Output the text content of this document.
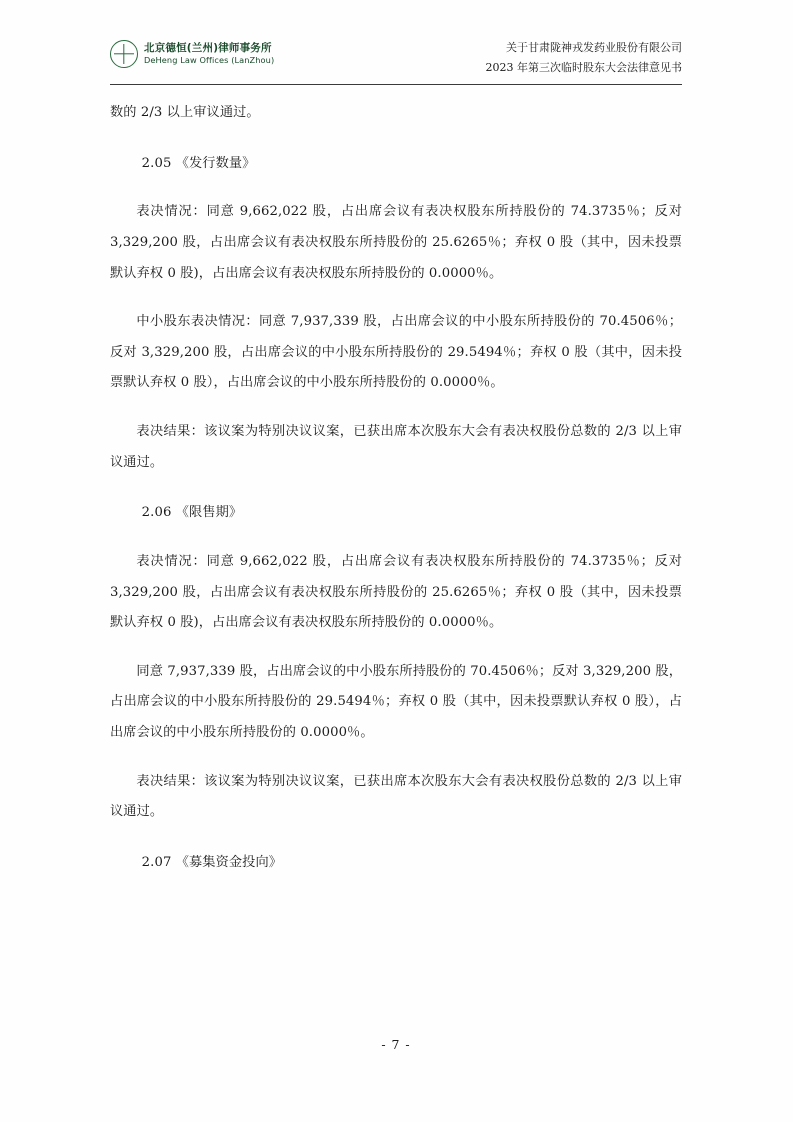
北京德恒(兰州)律师事务所
DeHeng Law Offices (LanZhou)
关于甘肃陇神戎发药业股份有限公司
2023 年第三次临时股东大会法律意见书

数的 2/3 以上审议通过。

2.05 《发行数量》

表决情况：同意 9,662,022 股，占出席会议有表决权股东所持股份的 74.3735％；反对 3,329,200 股，占出席会议有表决权股东所持股份的 25.6265％；弃权 0 股（其中，因未投票默认弃权 0 股)，占出席会议有表决权股东所持股份的 0.0000％。

中小股东表决情况：同意 7,937,339 股，占出席会议的中小股东所持股份的 70.4506％；反对 3,329,200 股，占出席会议的中小股东所持股份的 29.5494％；弃权 0 股（其中，因未投票默认弃权 0 股），占出席会议的中小股东所持股份的 0.0000％。

表决结果：该议案为特别决议议案，已获出席本次股东大会有表决权股份总数的 2/3 以上审议通过。

2.06 《限售期》

表决情况：同意 9,662,022 股，占出席会议有表决权股东所持股份的 74.3735％；反对 3,329,200 股，占出席会议有表决权股东所持股份的 25.6265％；弃权 0 股（其中，因未投票默认弃权 0 股)，占出席会议有表决权股东所持股份的 0.0000％。

同意 7,937,339 股，占出席会议的中小股东所持股份的 70.4506％；反对 3,329,200 股，占出席会议的中小股东所持股份的 29.5494％；弃权 0 股（其中，因未投票默认弃权 0 股），占出席会议的中小股东所持股份的 0.0000％。

表决结果：该议案为特别决议议案，已获出席本次股东大会有表决权股份总数的 2/3 以上审议通过。

2.07 《募集资金投向》

- 7 -
